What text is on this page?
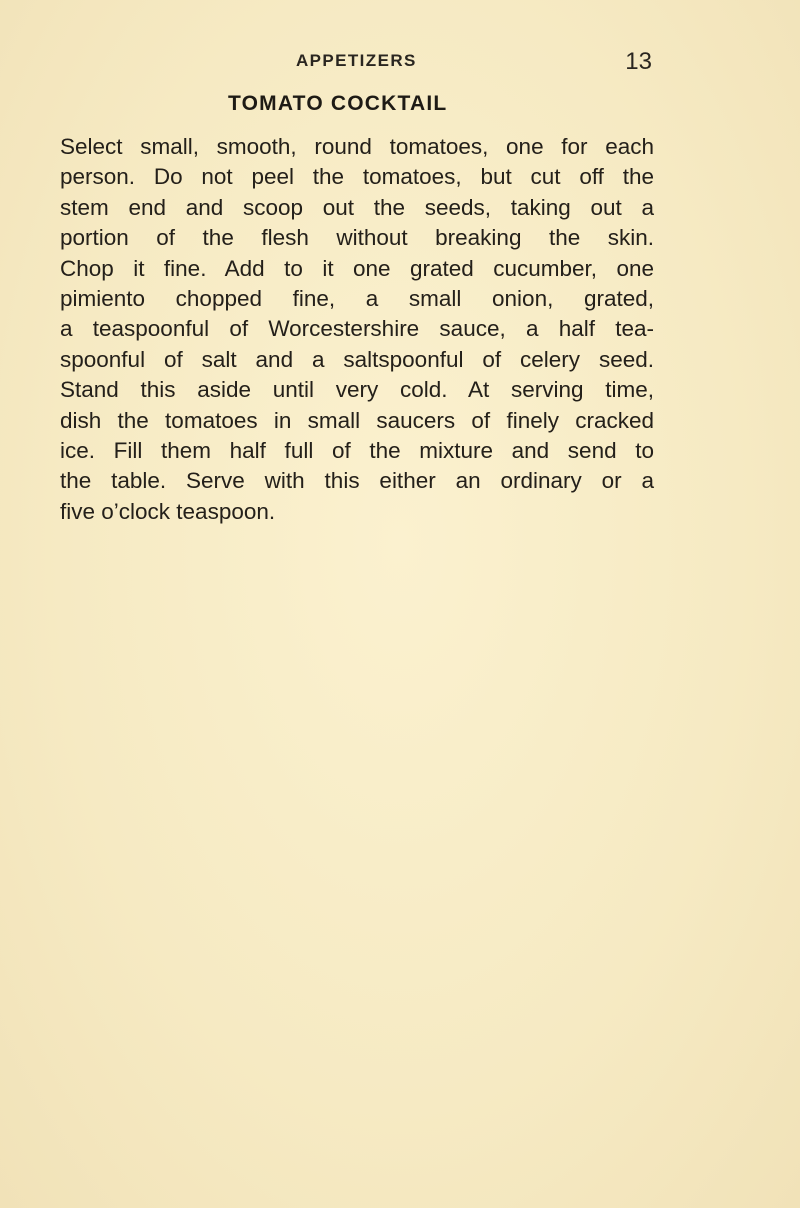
13
APPETIZERS
TOMATO COCKTAIL
Select small, smooth, round tomatoes, one for each
person. Do not peel the tomatoes, but cut off the
stem end and scoop out the seeds, taking out a
portion of the flesh without breaking the skin.
Chop it fine. Add to it one grated cucumber, one
pimiento chopped fine, a small onion, grated,
a teaspoonful of Worcestershire sauce, a half tea-
spoonful of salt and a saltspoonful of celery seed.
Stand this aside until very cold. At serving time,
dish the tomatoes in small saucers of finely cracked
ice. Fill them half full of the mixture and send to
the table. Serve with this either an ordinary or a
five o’clock teaspoon.
